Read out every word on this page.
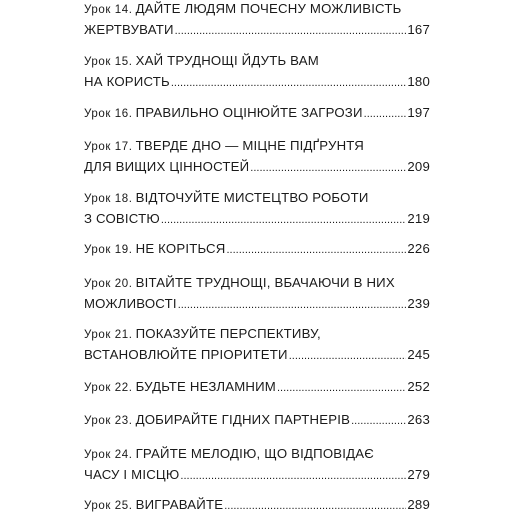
Урок 14. ДАЙТЕ ЛЮДЯМ ПОЧЕСНУ МОЖЛИВІСТЬ
ЖЕРТВУВАТИ .....	167
Урок 15. ХАЙ ТРУДНОЩІ ЙДУТЬ ВАМ
НА КОРИСТЬ .....	180
Урок 16. ПРАВИЛЬНО ОЦІНЮЙТЕ ЗАГРОЗИ .....	197
Урок 17. ТВЕРДЕ ДНО — МІЦНЕ ПІДҐРУНТЯ
ДЛЯ ВИЩИХ ЦІННОСТЕЙ .....	209
Урок 18. ВІДТОЧУЙТЕ МИСТЕЦТВО РОБОТИ
З СОВІСТЮ .....	219
Урок 19. НЕ КОРІТЬСЯ .....	226
Урок 20. ВІТАЙТЕ ТРУДНОЩІ, ВБАЧАЮЧИ В НИХ
МОЖЛИВОСТІ .....	239
Урок 21. ПОКАЗУЙТЕ ПЕРСПЕКТИВУ,
ВСТАНОВЛЮЙТЕ ПРІОРИТЕТИ .....	245
Урок 22. БУДЬТЕ НЕЗЛАМНИМ .....	252
Урок 23. ДОБИРАЙТЕ ГІДНИХ ПАРТНЕРІВ .....	263
Урок 24. ГРАЙТЕ МЕЛОДІЮ, ЩО ВІДПОВІДАЄ
ЧАСУ І МІСЦЮ .....	279
Урок 25. ВИГРАВАЙТЕ .....	289
